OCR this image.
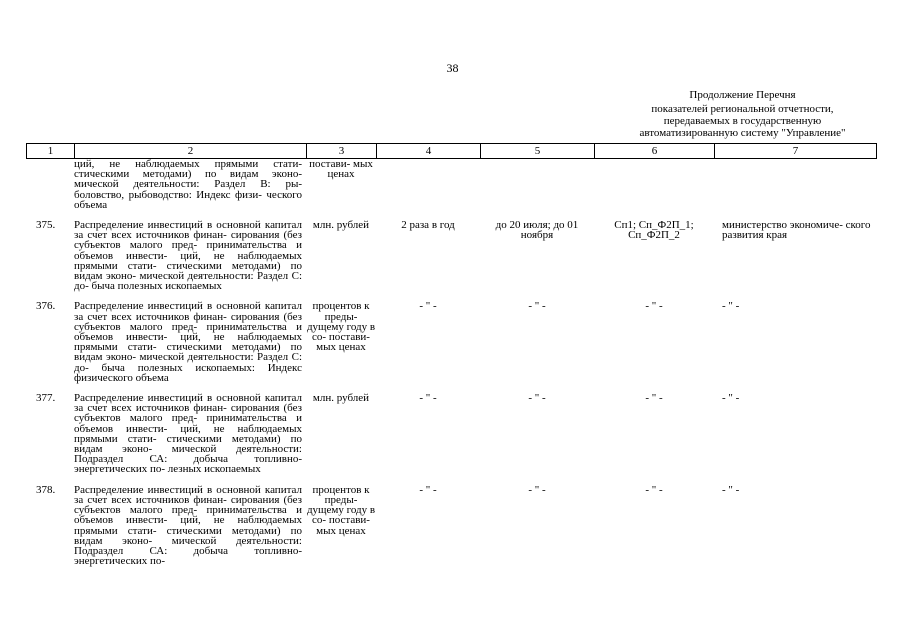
38
Продолжение Перечня
показателей региональной отчетности,
передаваемых в государственную
автоматизированную систему "Управление"
1	2	3	4	5	6	7
	ций, не наблюдаемых прямыми стати- стическими методами) по видам эконо- мической деятельности: Раздел В: ры- боловство, рыбоводство: Индекс физи- ческого объема	постави- мых ценах				

375.	Распределение инвестиций в основной капитал за счет всех источников финан- сирования (без субъектов малого пред- принимательства и объемов инвести- ций, не наблюдаемых прямыми стати- стическими методами) по видам эконо- мической деятельности: Раздел С: до- быча полезных ископаемых	млн. рублей	2 раза в год	до 20 июля; до 01 ноября	Сп1; Сп_Ф2П_1; Сп_Ф2П_2	министерство экономиче- ского развития края

376.	Распределение инвестиций в основной капитал за счет всех источников финан- сирования (без субъектов малого пред- принимательства и объемов инвести- ций, не наблюдаемых прямыми стати- стическими методами) по видам эконо- мической деятельности: Раздел С: до- быча полезных ископаемых: Индекс физического объема	процентов к преды- дущему году в со- постави- мых ценах	- " -	- " -	- " -	- " -

377.	Распределение инвестиций в основной капитал за счет всех источников финан- сирования (без субъектов малого пред- принимательства и объемов инвести- ций, не наблюдаемых прямыми стати- стическими методами) по видам эконо- мической деятельности: Подраздел СА: добыча топливно-энергетических по- лезных ископаемых	млн. рублей	- " -	- " -	- " -	- " -

378.	Распределение инвестиций в основной капитал за счет всех источников финан- сирования (без субъектов малого пред- принимательства и объемов инвести- ций, не наблюдаемых прямыми стати- стическими методами) по видам эконо- мической деятельности: Подраздел СА: добыча топливно-энергетических по-	процентов к преды- дущему году в со- постави- мых ценах	- " -	- " -	- " -	- " -
